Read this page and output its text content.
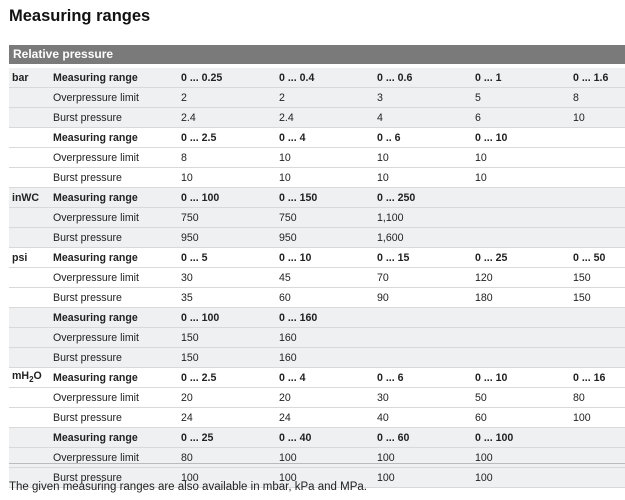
Measuring ranges
Relative pressure
bar	Measuring range	0 ... 0.25	0 ... 0.4	0 ... 0.6	0 ... 1	0 ... 1.6
	Overpressure limit	2	2	3	5	8
	Burst pressure	2.4	2.4	4	6	10
	Measuring range	0 ... 2.5	0 ... 4	0 .. 6	0 ... 10	
	Overpressure limit	8	10	10	10	
	Burst pressure	10	10	10	10	
inWC	Measuring range	0 ... 100	0 ... 150	0 ... 250		
	Overpressure limit	750	750	1,100		
	Burst pressure	950	950	1,600		
psi	Measuring range	0 ... 5	0 ... 10	0 ... 15	0 ... 25	0 ... 50
	Overpressure limit	30	45	70	120	150
	Burst pressure	35	60	90	180	150
	Measuring range	0 ... 100	0 ... 160			
	Overpressure limit	150	160			
	Burst pressure	150	160			
$mH_2O$	Measuring range	0 ... 2.5	0 ... 4	0 ... 6	0 ... 10	0 ... 16
	Overpressure limit	20	20	30	50	80
	Burst pressure	24	24	40	60	100
	Measuring range	0 ... 25	0 ... 40	0 ... 60	0 ... 100	
	Overpressure limit	80	100	100	100	
	Burst pressure	100	100	100	100	
The given measuring ranges are also available in mbar, kPa and MPa.
